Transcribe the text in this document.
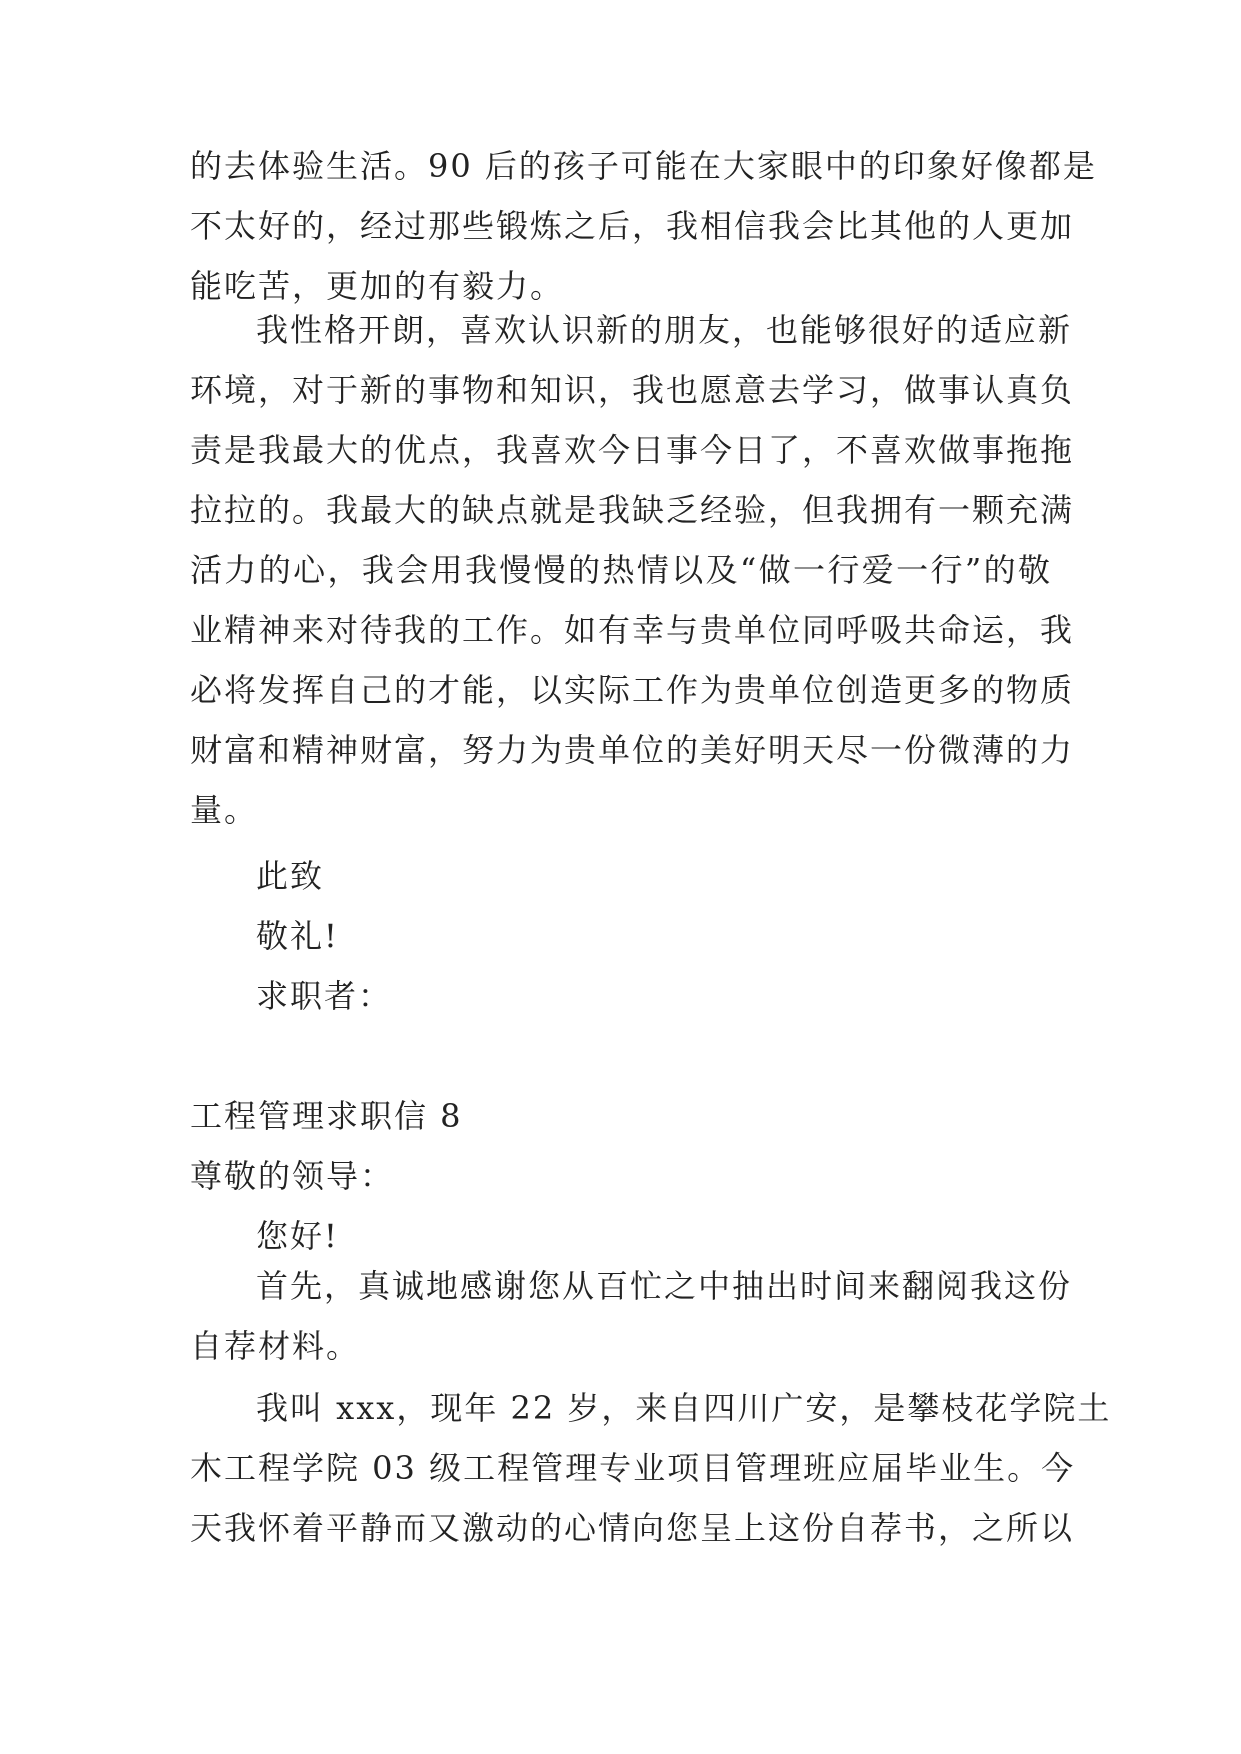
的去体验生活。90 后的孩子可能在大家眼中的印象好像都是
不太好的，经过那些锻炼之后，我相信我会比其他的人更加
能吃苦，更加的有毅力。
我性格开朗，喜欢认识新的朋友，也能够很好的适应新
环境，对于新的事物和知识，我也愿意去学习，做事认真负
责是我最大的优点，我喜欢今日事今日了，不喜欢做事拖拖
拉拉的。我最大的缺点就是我缺乏经验，但我拥有一颗充满
活力的心，我会用我慢慢的热情以及“做一行爱一行”的敬
业精神来对待我的工作。如有幸与贵单位同呼吸共命运，我
必将发挥自己的才能，以实际工作为贵单位创造更多的物质
财富和精神财富，努力为贵单位的美好明天尽一份微薄的力
量。
此致
敬礼!
求职者：
工程管理求职信 8
尊敬的领导：
您好!
首先，真诚地感谢您从百忙之中抽出时间来翻阅我这份
自荐材料。
我叫 xxx，现年 22 岁，来自四川广安，是攀枝花学院土
木工程学院 03 级工程管理专业项目管理班应届毕业生。今
天我怀着平静而又激动的心情向您呈上这份自荐书，之所以
